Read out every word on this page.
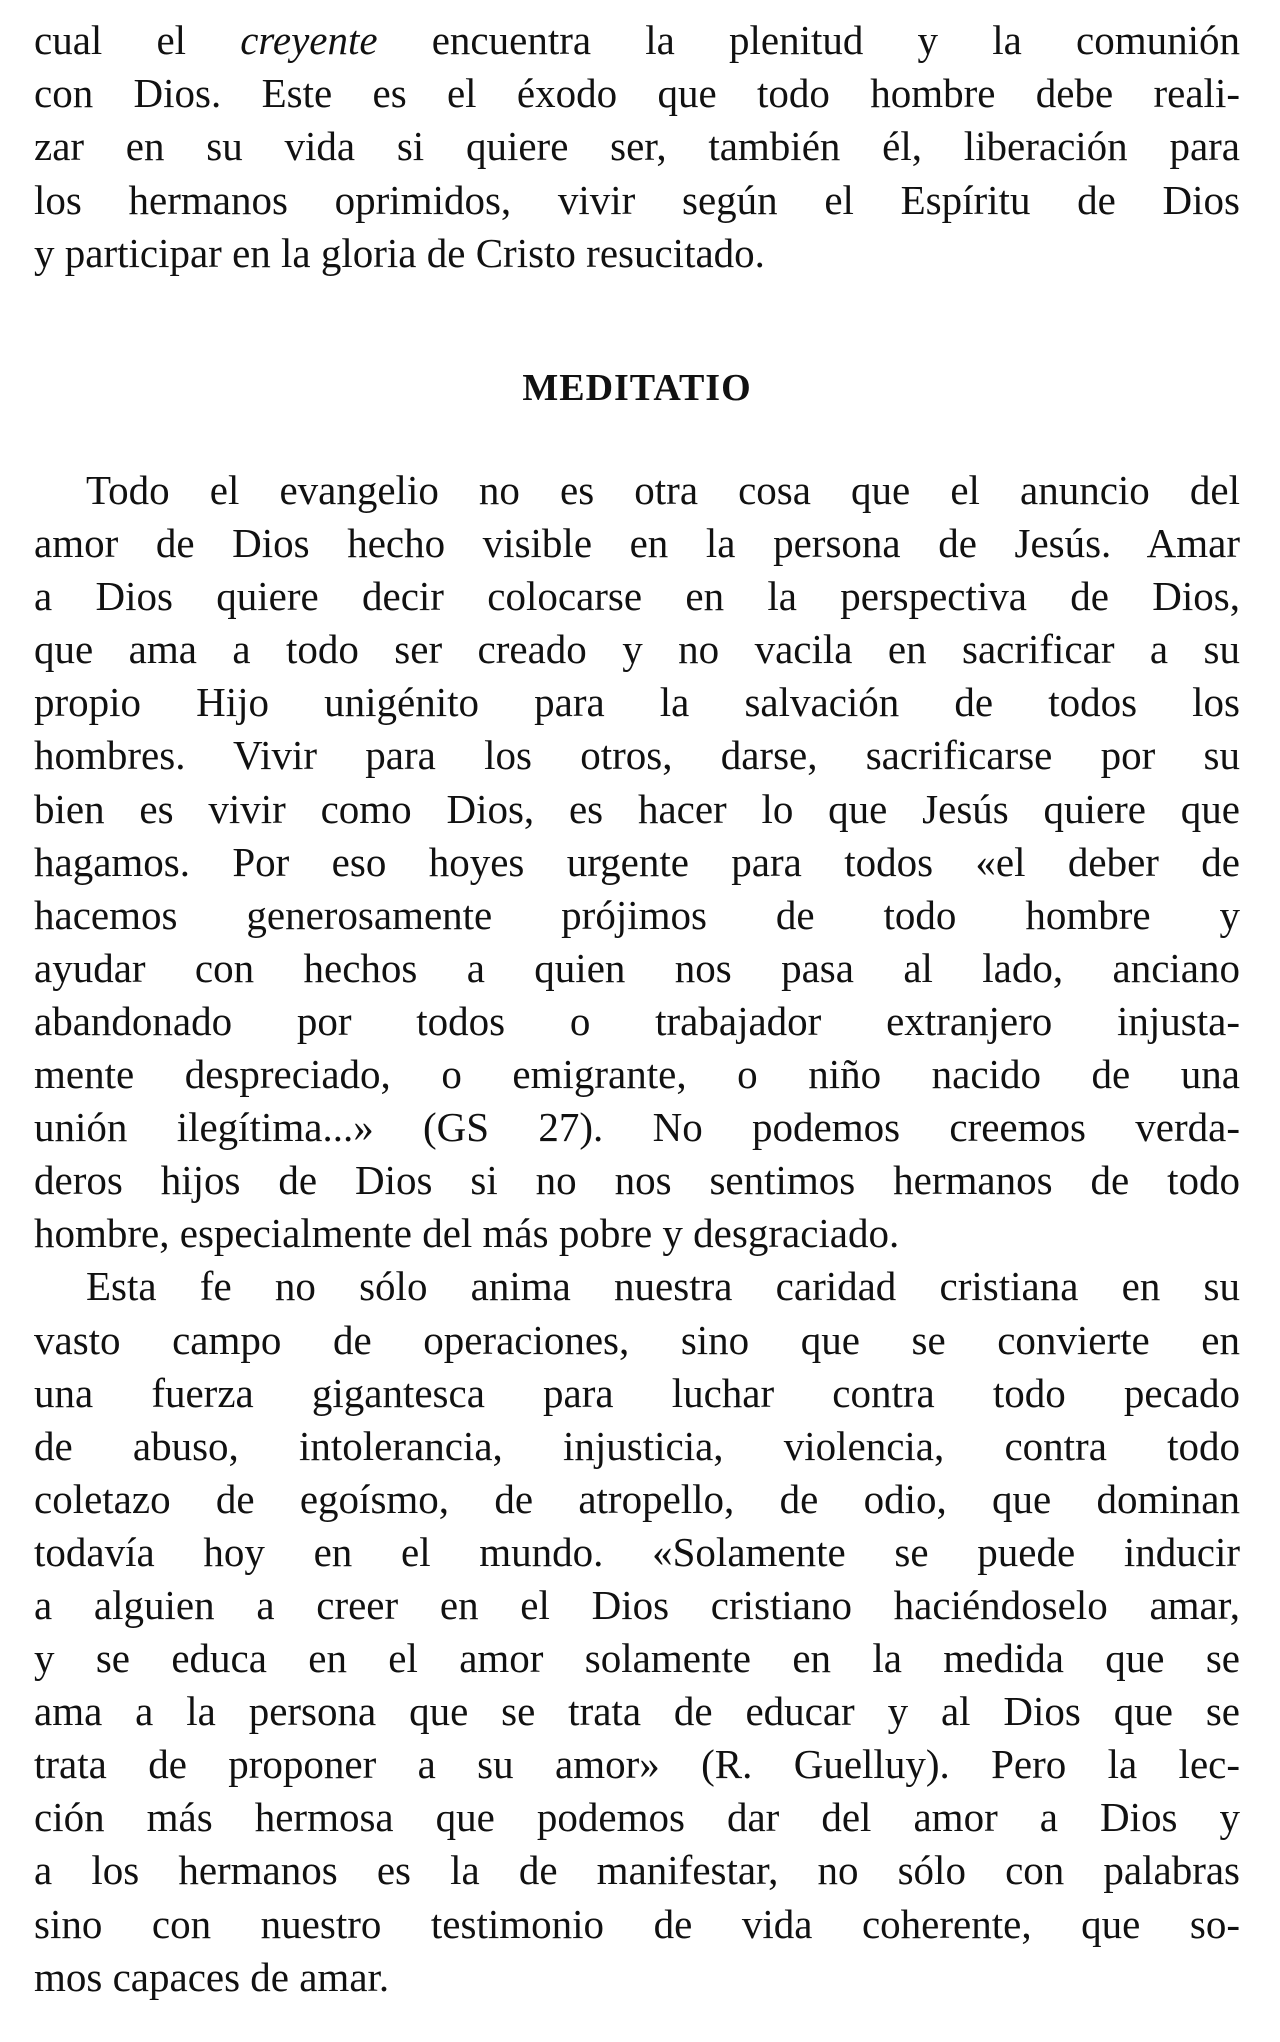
cual el creyente encuentra la plenitud y la comunión
con Dios. Este es el éxodo que todo hombre debe reali-
zar en su vida si quiere ser, también él, liberación para
los hermanos oprimidos, vivir según el Espíritu de Dios
y participar en la gloria de Cristo resucitado.
MEDITATIO
Todo el evangelio no es otra cosa que el anuncio del
amor de Dios hecho visible en la persona de Jesús. Amar
a Dios quiere decir colocarse en la perspectiva de Dios,
que ama a todo ser creado y no vacila en sacrificar a su
propio Hijo unigénito para la salvación de todos los
hombres. Vivir para los otros, darse, sacrificarse por su
bien es vivir como Dios, es hacer lo que Jesús quiere que
hagamos. Por eso hoyes urgente para todos «el deber de
hacemos generosamente prójimos de todo hombre y
ayudar con hechos a quien nos pasa al lado, anciano
abandonado por todos o trabajador extranjero injusta-
mente despreciado, o emigrante, o niño nacido de una
unión ilegítima...» (GS 27). No podemos creemos verda-
deros hijos de Dios si no nos sentimos hermanos de todo
hombre, especialmente del más pobre y desgraciado.
Esta fe no sólo anima nuestra caridad cristiana en su
vasto campo de operaciones, sino que se convierte en
una fuerza gigantesca para luchar contra todo pecado
de abuso, intolerancia, injusticia, violencia, contra todo
coletazo de egoísmo, de atropello, de odio, que dominan
todavía hoy en el mundo. «Solamente se puede inducir
a alguien a creer en el Dios cristiano haciéndoselo amar,
y se educa en el amor solamente en la medida que se
ama a la persona que se trata de educar y al Dios que se
trata de proponer a su amor» (R. Guelluy). Pero la lec-
ción más hermosa que podemos dar del amor a Dios y
a los hermanos es la de manifestar, no sólo con palabras
sino con nuestro testimonio de vida coherente, que so-
mos capaces de amar.
